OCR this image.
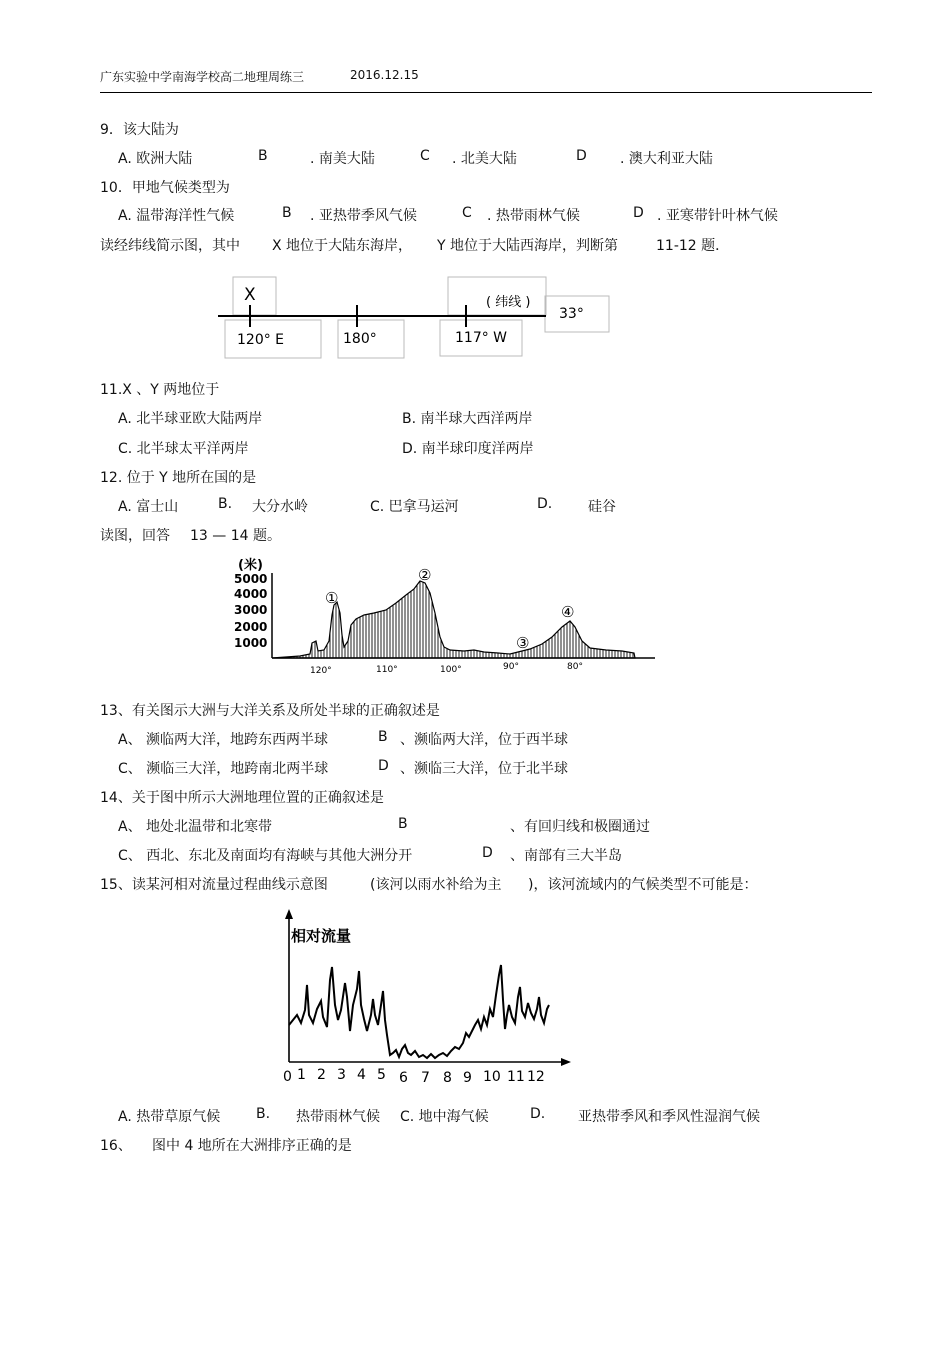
广东实验中学南海学校高二地理周练三	2016.12.15
9．该大陆为
A. 欧洲大陆	B	. 南美大陆	C . 北美大陆	D . 澳大利亚大陆
10．甲地气候类型为
A. 温带海洋性气候	B . 亚热带季风气候	C . 热带雨林气候	D . 亚寒带针叶林气候
读经纬线简示图，其中 X 地位于大陆东海岸， Y 地位于大陆西海岸，判断第	11-12 题．
X
120° E	180°	117° W
( 纬线 )
33°
11.X 、Y 两地位于
A. 北半球亚欧大陆两岸	B. 南半球大西洋两岸
C. 北半球太平洋两岸	D. 南半球印度洋两岸
12. 位于 Y 地所在国的是
A. 富士山	B. 大分水岭	C. 巴拿马运河	D.	硅谷
读图，回答 13 — 14 题。
(米)
5000
4000
3000
2000
1000
①
②
③
④
120°	110°	100°	90°	80°
13、有关图示大洲与大洋关系及所处半球的正确叙述是
A、 濒临两大洋，地跨东西两半球	B 、濒临两大洋，位于西半球
C、 濒临三大洋，地跨南北两半球	D 、濒临三大洋，位于北半球
14、关于图中所示大洲地理位置的正确叙述是
A、 地处北温带和北寒带	B	、有回归线和极圈通过
C、 西北、东北及南面均有海峡与其他大洲分开	D 、南部有三大半岛
15、读某河相对流量过程曲线示意图	(该河以雨水补给为主 )，该河流域内的气候类型不可能是：
相对流量
0 1 2 3 4 5 6 7 8 9 10 11 12
A. 热带草原气候	B. 热带雨林气候 C. 地中海气候	D. 亚热带季风和季风性湿润气候
16、 图中 4 地所在大洲排序正确的是
